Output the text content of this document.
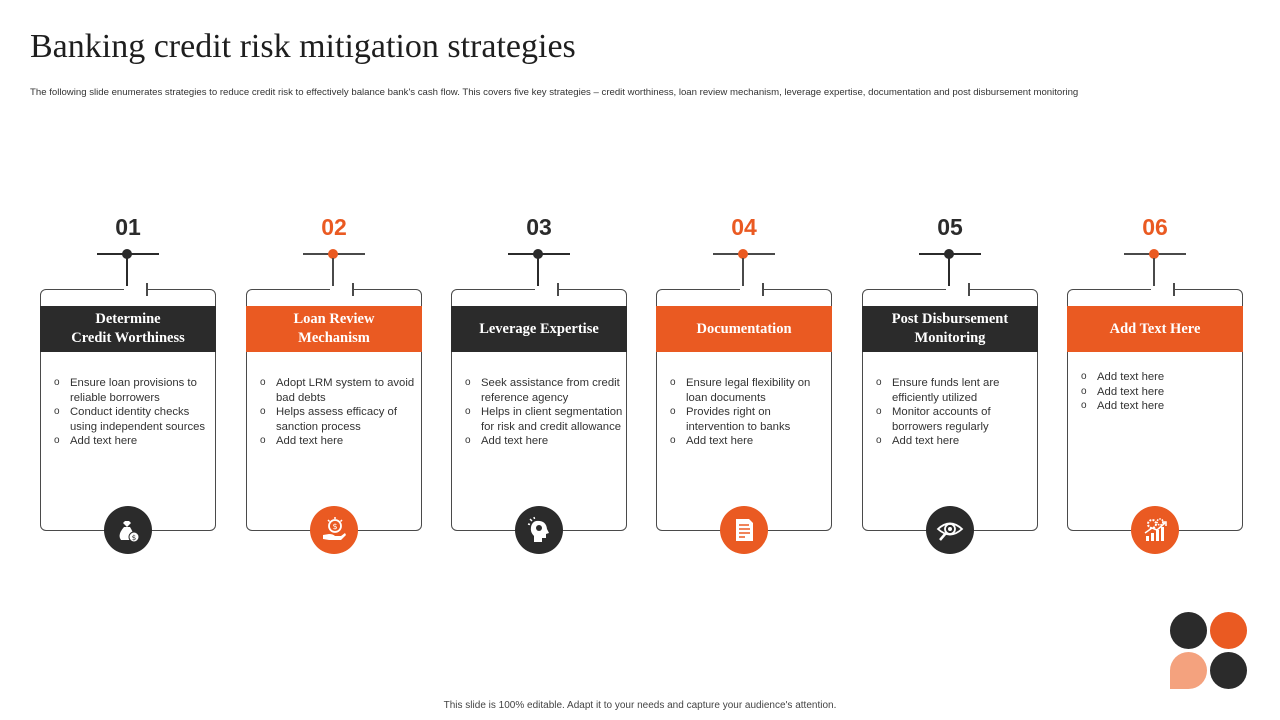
Banking credit risk mitigation strategies

The following slide enumerates strategies to reduce credit risk to effectively balance bank's cash flow. This covers five key strategies – credit worthiness, loan review mechanism, leverage expertise, documentation and post disbursement monitoring

01
Determine
Credit Worthiness
o Ensure loan provisions to reliable borrowers
o Conduct identity checks using independent sources
o Add text here
$
02
Loan Review
Mechanism
o Adopt LRM system to avoid bad debts
o Helps assess efficacy of sanction process
o Add text here
$
03
Leverage Expertise
o Seek assistance from credit reference agency
o Helps in client segmentation for risk and credit allowance
o Add text here
04
Documentation
o Ensure legal flexibility on loan documents
o Provides right on intervention to banks
o Add text here
05
Post Disbursement
Monitoring
o Ensure funds lent are efficiently utilized
o Monitor accounts of borrowers regularly
o Add text here
06
Add Text Here
o Add text here
o Add text here
o Add text here

This slide is 100% editable. Adapt it to your needs and capture your audience's attention.
